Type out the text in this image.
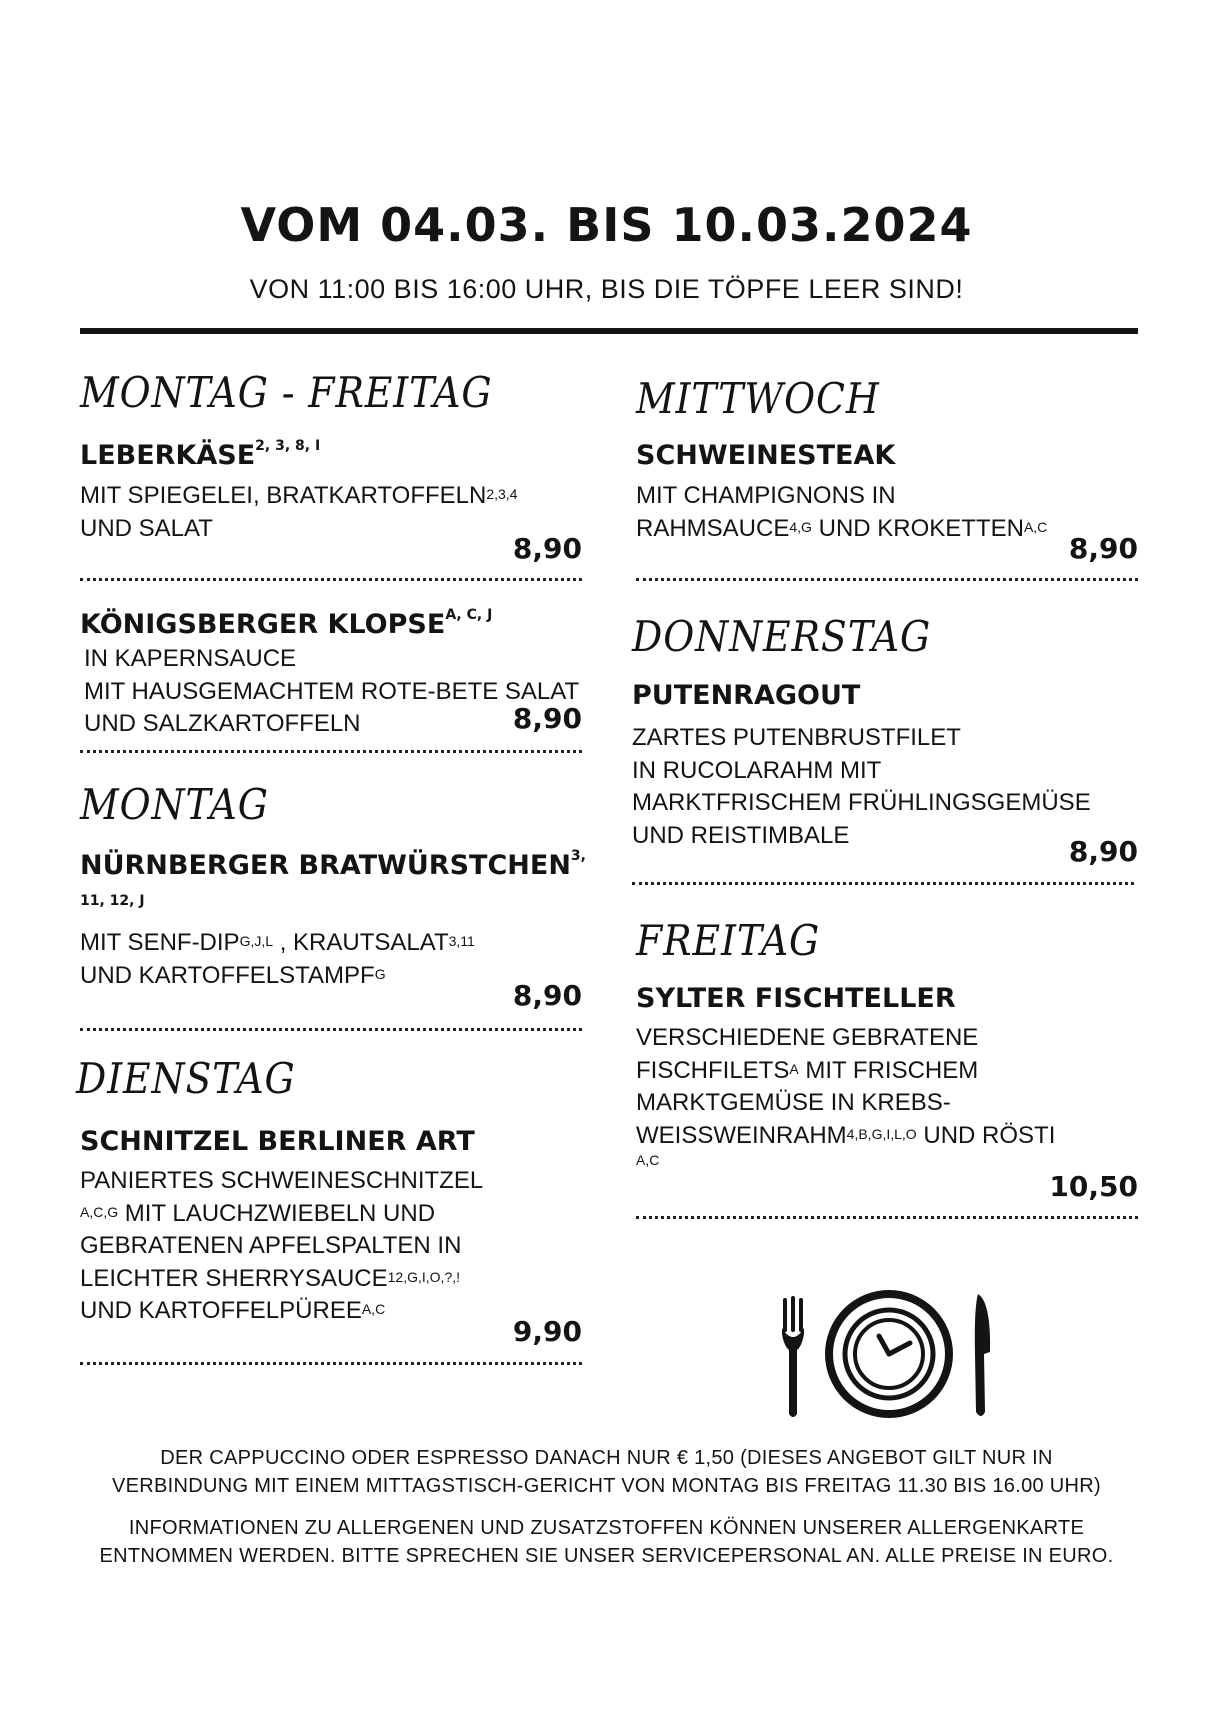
VOM 04.03. BIS 10.03.2024
VON 11:00 BIS 16:00 UHR, BIS DIE TÖPFE LEER SIND!
MONTAG - FREITAG
$LEBERKÄSE^{2, 3, 8, I}$
MIT SPIEGELEI, BRATKARTOFFELN$^{2,3,4}$
UND SALAT
8,90
KÖNIGSBERGER $KLOPSE^{A, C, J}$
IN KAPERNSAUCE
MIT HAUSGEMACHTEM ROTE-BETE SALAT
UND SALZKARTOFFELN	8,90
MONTAG
NÜRNBERGER $BRATWÜRSTCHEN^{3,}$
11, 12, J
MIT SENF-$DIP^{G,J,L}$ , KRAUTSALAT$^{3,11}$
UND $KARTOFFELSTAMPF^G$
8,90
DIENSTAG
SCHNITZEL BERLINER ART
PANIERTES SCHWEINESCHNITZEL
$^{A,C,G}$ MIT LAUCHZWIEBELN UND
GEBRATENEN APFELSPALTEN IN
LEICHTER $SHERRYSAUCE^{12,G,I,O,?,!}$
UND $KARTOFFELPÜREE^{A,C}$
9,90
MITTWOCH
SCHWEINESTEAK
MIT CHAMPIGNONS IN
$RAHMSAUCE^{4,G}$ UND $KROKETTEN^{A,C}$
8,90
DONNERSTAG
PUTENRAGOUT
ZARTES PUTENBRUSTFILET
IN RUCOLARAHM MIT
MARKTFRISCHEM FRÜHLINGSGEMÜSE
UND REISTIMBALE	8,90
FREITAG
SYLTER FISCHTELLER
VERSCHIEDENE GEBRATENE
$FISCHFILETS^A$ MIT FRISCHEM
MARKTGEMÜSE IN KREBS-
$WEISSWEINRAHM^{4,B,G,I,L,O}$ UND RÖSTI
A,C
10,50
DER CAPPUCCINO ODER ESPRESSO DANACH NUR € 1,50 (DIESES ANGEBOT GILT NUR IN
VERBINDUNG MIT EINEM MITTAGSTISCH-GERICHT VON MONTAG BIS FREITAG 11.30 BIS 16.00 UHR)
INFORMATIONEN ZU ALLERGENEN UND ZUSATZSTOFFEN KÖNNEN UNSERER ALLERGENKARTE
ENTNOMMEN WERDEN. BITTE SPRECHEN SIE UNSER SERVICEPERSONAL AN. ALLE PREISE IN EURO.
